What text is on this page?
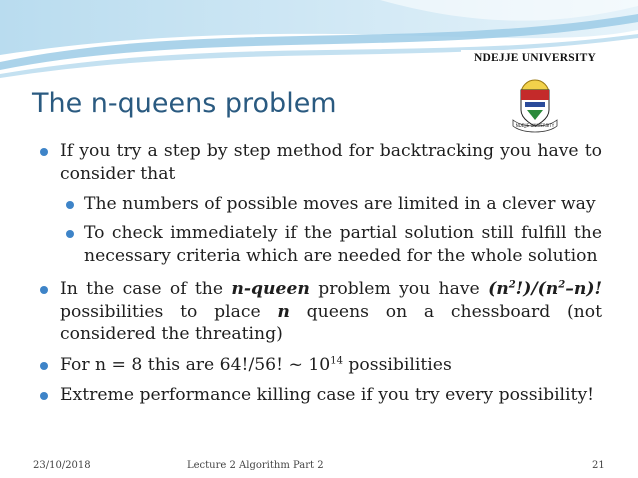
NDEJJE UNIVERSITY
NDEJJE UNIVERSITY
The n-queens problem
If you try a step by step method for backtracking you have to consider that
The numbers of possible moves are limited in a clever way
To check immediately if the partial solution still fulfill the necessary criteria which are needed for the whole solution
In the case of the n-queen problem you have $(n^2!)/(n^2-n)$! possibilities to place n queens on a chessboard (not considered the threating)
For n = 8 this are 64!/56! ~ $10^{14}$ possibilities
Extreme performance killing case if you try every possibility!
23/10/2018	Lecture 2 Algorithm Part 2	21
